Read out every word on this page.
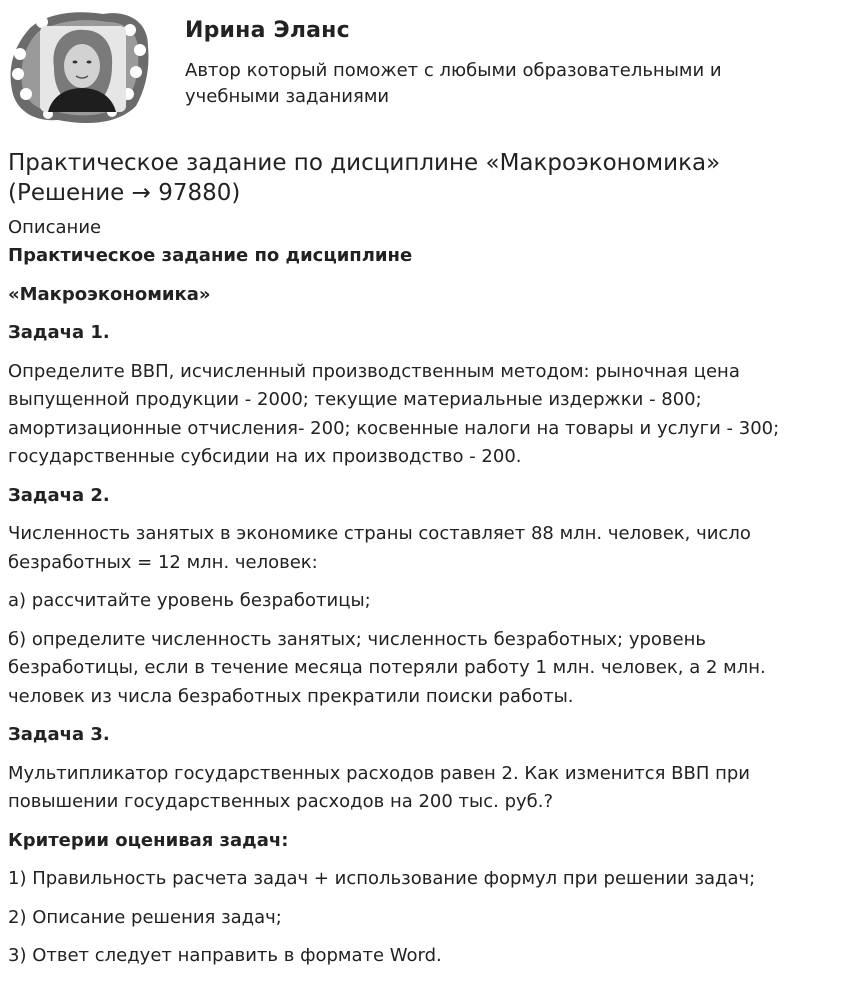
Ирина Эланс
Автор который поможет с любыми образовательными и учебными заданиями
Практическое задание по дисциплине «Макроэкономика» (Решение → 97880)
Описание
Практическое задание по дисциплине
«Макроэкономика»
Задача 1.
Определите ВВП, исчисленный производственным методом: рыночная цена выпущенной продукции - 2000; текущие материальные издержки - 800; амортизационные отчисления- 200; косвенные налоги на товары и услуги - 300; государственные субсидии на их производство - 200.
Задача 2.
Численность занятых в экономике страны составляет 88 млн. человек, число безработных = 12 млн. человек:
а) рассчитайте уровень безработицы;
б) определите численность занятых; численность безработных; уровень безработицы, если в течение месяца потеряли работу 1 млн. человек, а 2 млн. человек из числа безработных прекратили поиски работы.
Задача 3.
Мультипликатор государственных расходов равен 2. Как изменится ВВП при повышении государственных расходов на 200 тыс. руб.?
Критерии оценивая задач:
1) Правильность расчета задач + использование формул при решении задач;
2) Описание решения задач;
3) Ответ следует направить в формате Word.
